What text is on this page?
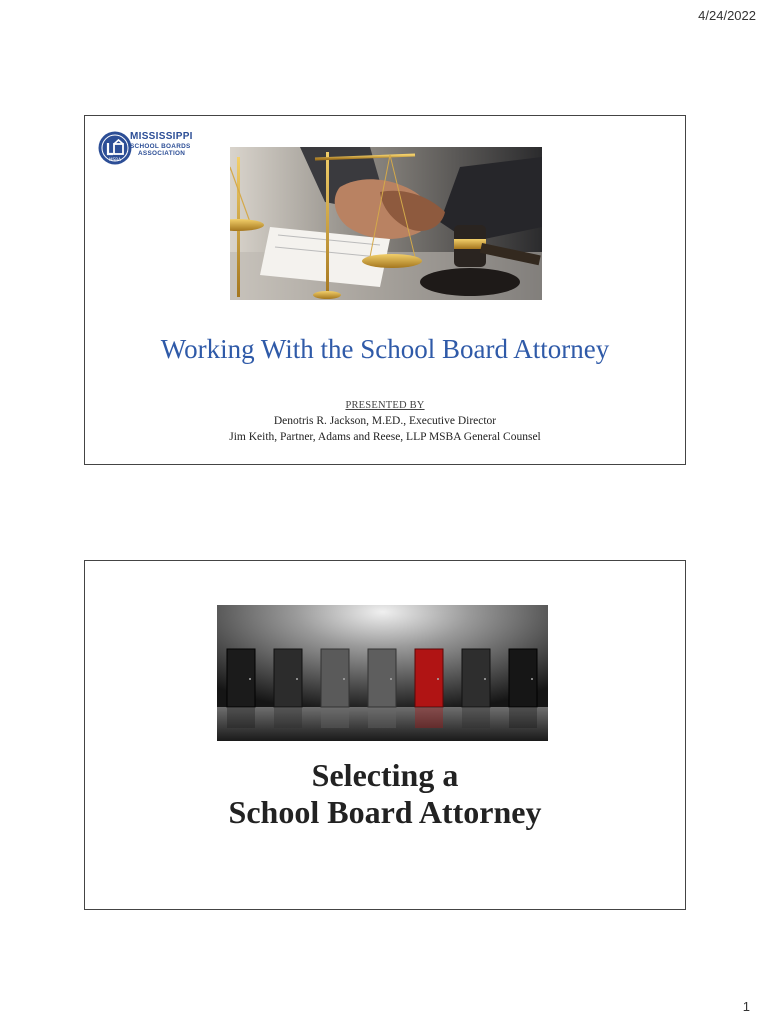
4/24/2022
MSBA
MISSISSIPPI
SCHOOL BOARDS
ASSOCIATION
Working With the School Board Attorney
PRESENTED BY
Denotris R. Jackson, M.ED., Executive Director
Jim Keith, Partner, Adams and Reese, LLP MSBA General Counsel
Selecting a
School Board Attorney
1
